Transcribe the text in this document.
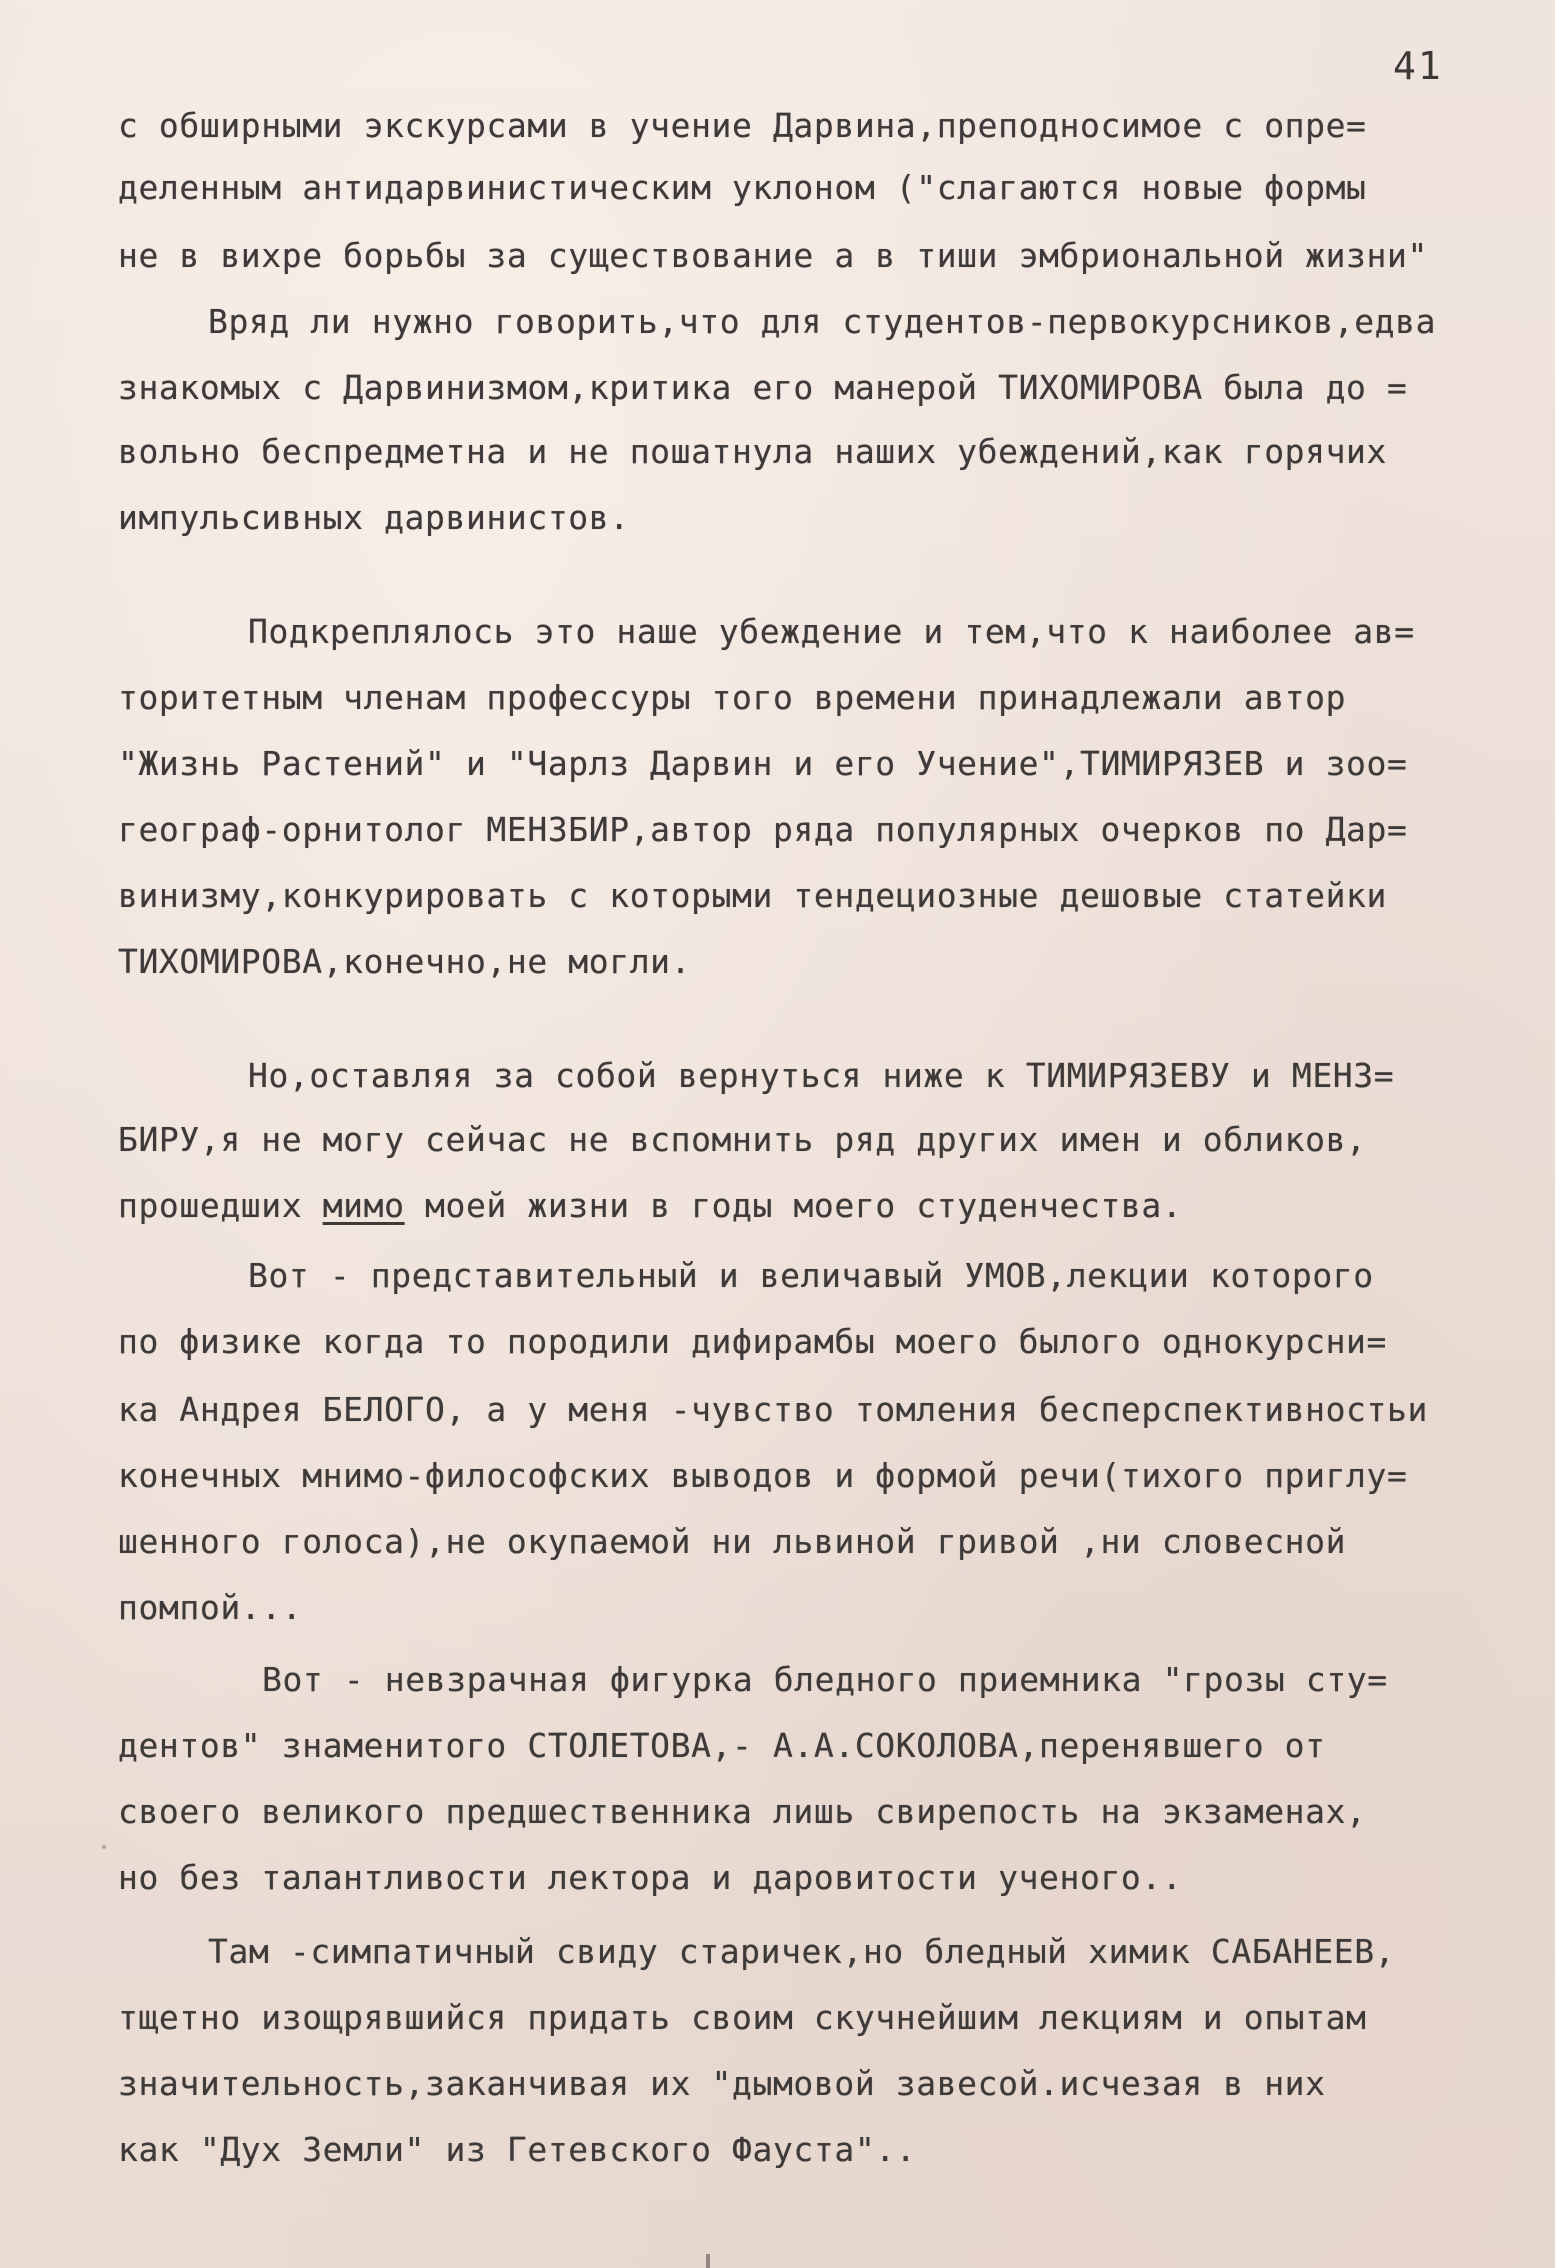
41
с обширными экскурсами в учение Дарвина,преподносимое с опре=
деленным антидарвинистическим уклоном ("слагаются новые формы
не в вихре борьбы за существование а в тиши эмбриональной жизни"
Вряд ли нужно говорить,что для студентов-первокурсников,едва
знакомых с Дарвинизмом,критика его манерой ТИХОМИРОВА была до =
вольно беспредметна и не пошатнула наших убеждений,как горячих
импульсивных дарвинистов.
Подкреплялось это наше убеждение и тем,что к наиболее ав=
торитетным членам профессуры того времени принадлежали автор
"Жизнь Растений" и "Чарлз Дарвин и его Учение",ТИМИРЯЗЕВ и зоо=
географ-орнитолог МЕНЗБИР,автор ряда популярных очерков по Дар=
винизму,конкурировать с которыми тендециозные дешовые статейки
ТИХОМИРОВА,конечно,не могли.
Но,оставляя за собой вернуться ниже к ТИМИРЯЗЕВУ и МЕНЗ=
БИРУ,я не могу сейчас не вспомнить ряд других имен и обликов,
прошедших мимо моей жизни в годы моего студенчества.
Вот - представительный и величавый УМОВ,лекции которого
по физике когда то породили дифирамбы моего былого однокурсни=
ка Андрея БЕЛОГО, а у меня -чувство томления бесперспективностьи
конечных мнимо-философских выводов и формой речи(тихого приглу=
шенного голоса),не окупаемой ни львиной гривой ,ни словесной
помпой...
Вот - невзрачная фигурка бледного приемника "грозы сту=
дентов" знаменитого СТОЛЕТОВА,- А.А.СОКОЛОВА,перенявшего от
своего великого предшественника лишь свирепость на экзаменах,
но без талантливости лектора и даровитости ученого..
Там -симпатичный свиду старичек,но бледный химик САБАНЕЕВ,
тщетно изощрявшийся придать своим скучнейшим лекциям и опытам
значительность,заканчивая их "дымовой завесой.исчезая в них
как "Дух Земли" из Гетевского Фауста"..
